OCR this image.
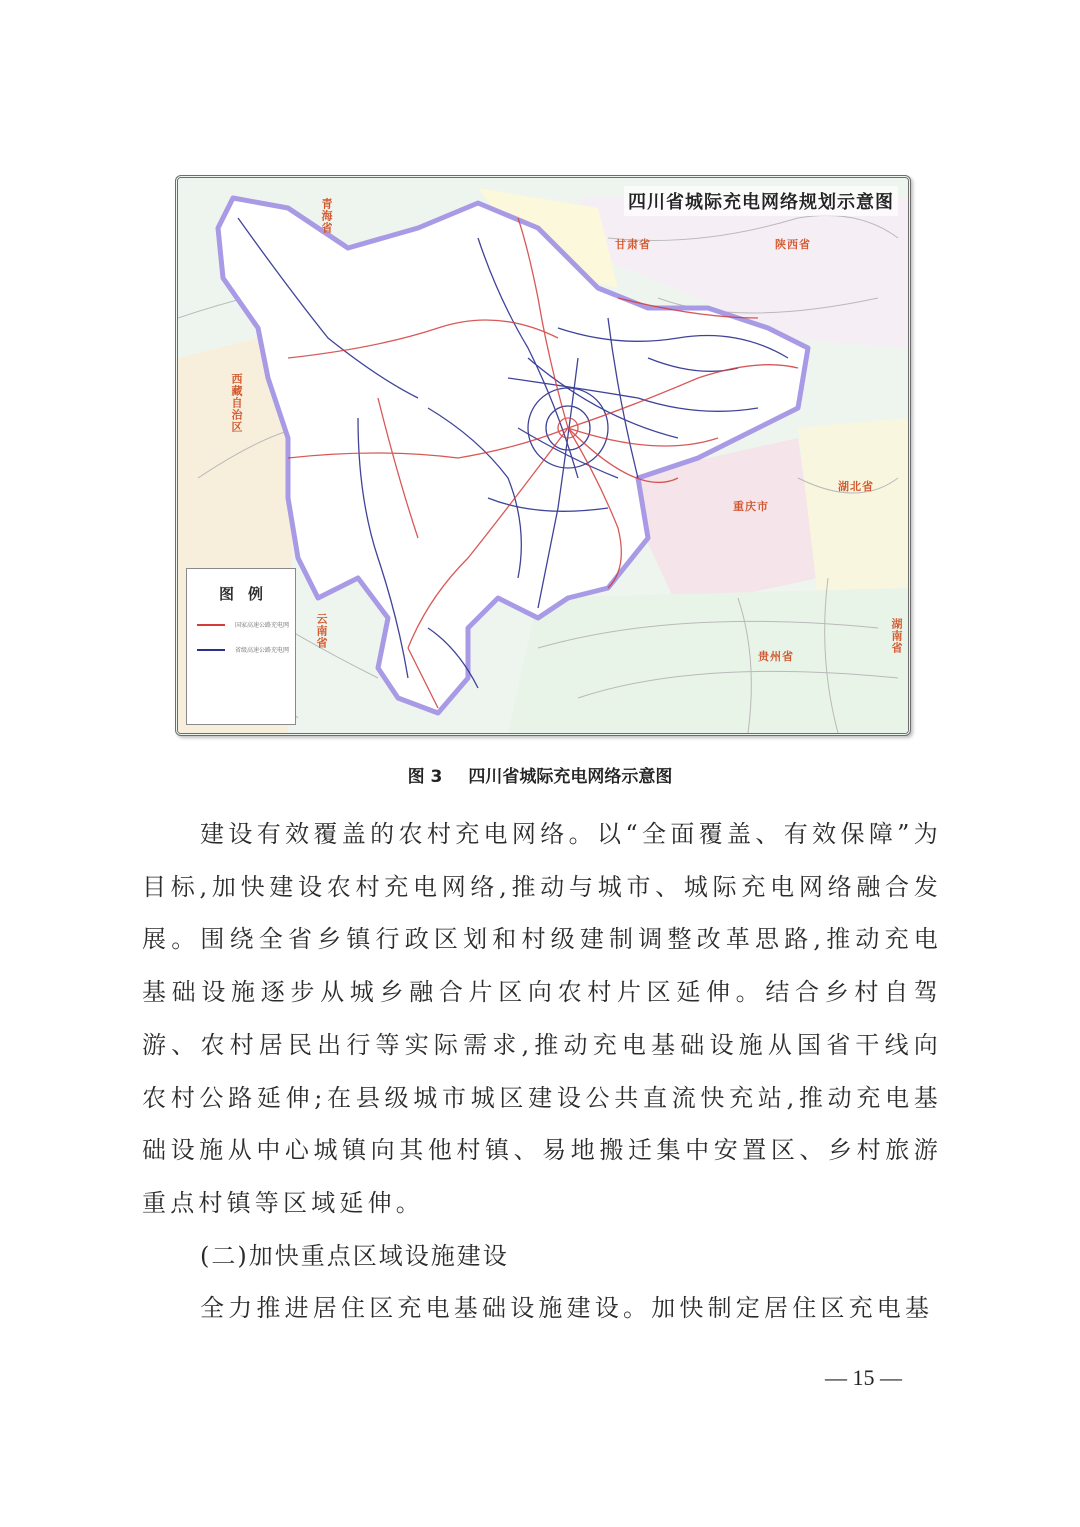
四川省城际充电网络规划示意图
青海省
甘肃省	陕西省
西藏自治区
重庆市
湖北省
云南省
贵州省
湖南省
图例
国家高速公路充电网
省级高速公路充电网
图 3 四川省城际充电网络示意图

建设有效覆盖的农村充电网络。以“全面覆盖、有效保障”为目标,加快建设农村充电网络,推动与城市、城际充电网络融合发展。围绕全省乡镇行政区划和村级建制调整改革思路,推动充电基础设施逐步从城乡融合片区向农村片区延伸。结合乡村自驾游、农村居民出行等实际需求,推动充电基础设施从国省干线向农村公路延伸;在县级城市城区建设公共直流快充站,推动充电基础设施从中心城镇向其他村镇、易地搬迁集中安置区、乡村旅游重点村镇等区域延伸。

(二)加快重点区域设施建设

全力推进居住区充电基础设施建设。加快制定居住区充电基

— 15 —
